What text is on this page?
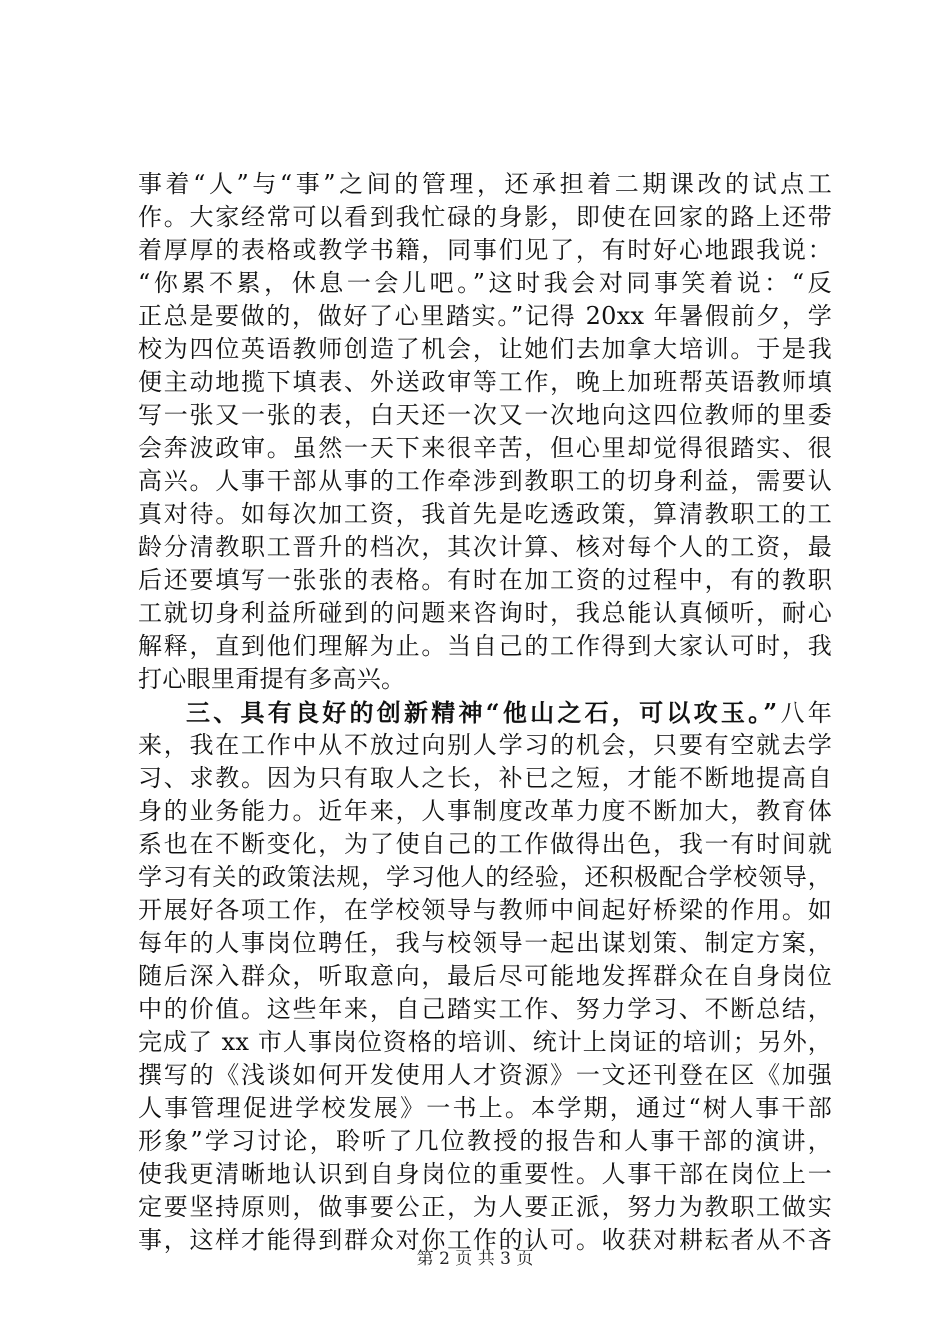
事着“人”与“事”之间的管理，还承担着二期课改的试点工
作。大家经常可以看到我忙碌的身影，即使在回家的路上还带
着厚厚的表格或教学书籍，同事们见了，有时好心地跟我说：
“你累不累，休息一会儿吧。”这时我会对同事笑着说：“反
正总是要做的，做好了心里踏实。”记得 20xx 年暑假前夕，学
校为四位英语教师创造了机会，让她们去加拿大培训。于是我
便主动地揽下填表、外送政审等工作，晚上加班帮英语教师填
写一张又一张的表，白天还一次又一次地向这四位教师的里委
会奔波政审。虽然一天下来很辛苦，但心里却觉得很踏实、很
高兴。人事干部从事的工作牵涉到教职工的切身利益，需要认
真对待。如每次加工资，我首先是吃透政策，算清教职工的工
龄分清教职工晋升的档次，其次计算、核对每个人的工资，最
后还要填写一张张的表格。有时在加工资的过程中，有的教职
工就切身利益所碰到的问题来咨询时，我总能认真倾听，耐心
解释，直到他们理解为止。当自己的工作得到大家认可时，我
打心眼里甭提有多高兴。
三、具有良好的创新精神“他山之石，可以攻玉。”八年
来，我在工作中从不放过向别人学习的机会，只要有空就去学
习、求教。因为只有取人之长，补已之短，才能不断地提高自
身的业务能力。近年来，人事制度改革力度不断加大，教育体
系也在不断变化，为了使自己的工作做得出色，我一有时间就
学习有关的政策法规，学习他人的经验，还积极配合学校领导，
开展好各项工作，在学校领导与教师中间起好桥梁的作用。如
每年的人事岗位聘任，我与校领导一起出谋划策、制定方案，
随后深入群众，听取意向，最后尽可能地发挥群众在自身岗位
中的价值。这些年来，自己踏实工作、努力学习、不断总结，
完成了 xx 市人事岗位资格的培训、统计上岗证的培训；另外，
撰写的《浅谈如何开发使用人才资源》一文还刊登在区《加强
人事管理促进学校发展》一书上。本学期，通过“树人事干部
形象”学习讨论，聆听了几位教授的报告和人事干部的演讲，
使我更清晰地认识到自身岗位的重要性。人事干部在岗位上一
定要坚持原则，做事要公正，为人要正派，努力为教职工做实
事，这样才能得到群众对你工作的认可。收获对耕耘者从不吝
第 2 页 共 3 页
